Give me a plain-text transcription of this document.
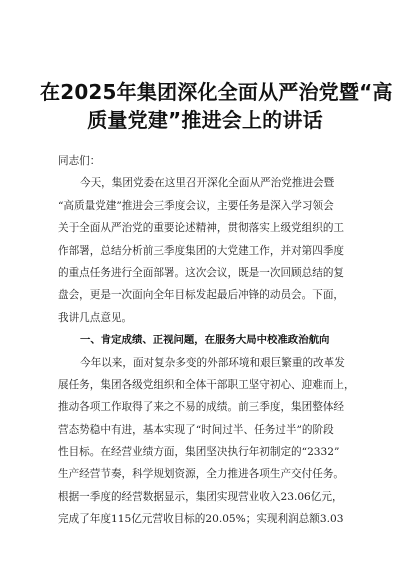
在2025年集团深化全面从严治党暨“高
质量党建”推进会上的讲话
同志们：
今天，集团党委在这里召开深化全面从严治党推进会暨
“高质量党建”推进会三季度会议，主要任务是深入学习领会
关于全面从严治党的重要论述精神，贯彻落实上级党组织的工
作部署，总结分析前三季度集团的大党建工作，并对第四季度
的重点任务进行全面部署。这次会议，既是一次回顾总结的复
盘会，更是一次面向全年目标发起最后冲锋的动员会。下面，
我讲几点意见。
一、肯定成绩、正视问题，在服务大局中校准政治航向
今年以来，面对复杂多变的外部环境和艰巨繁重的改革发
展任务，集团各级党组织和全体干部职工坚守初心、迎难而上，
推动各项工作取得了来之不易的成绩。前三季度，集团整体经
营态势稳中有进，基本实现了“时间过半、任务过半”的阶段
性目标。在经营业绩方面，集团坚决执行年初制定的“2332”
生产经营节奏，科学规划资源，全力推进各项生产交付任务。
根据一季度的经营数据显示，集团实现营业收入23.06亿元，
完成了年度115亿元营收目标的20.05%；实现利润总额3.03
